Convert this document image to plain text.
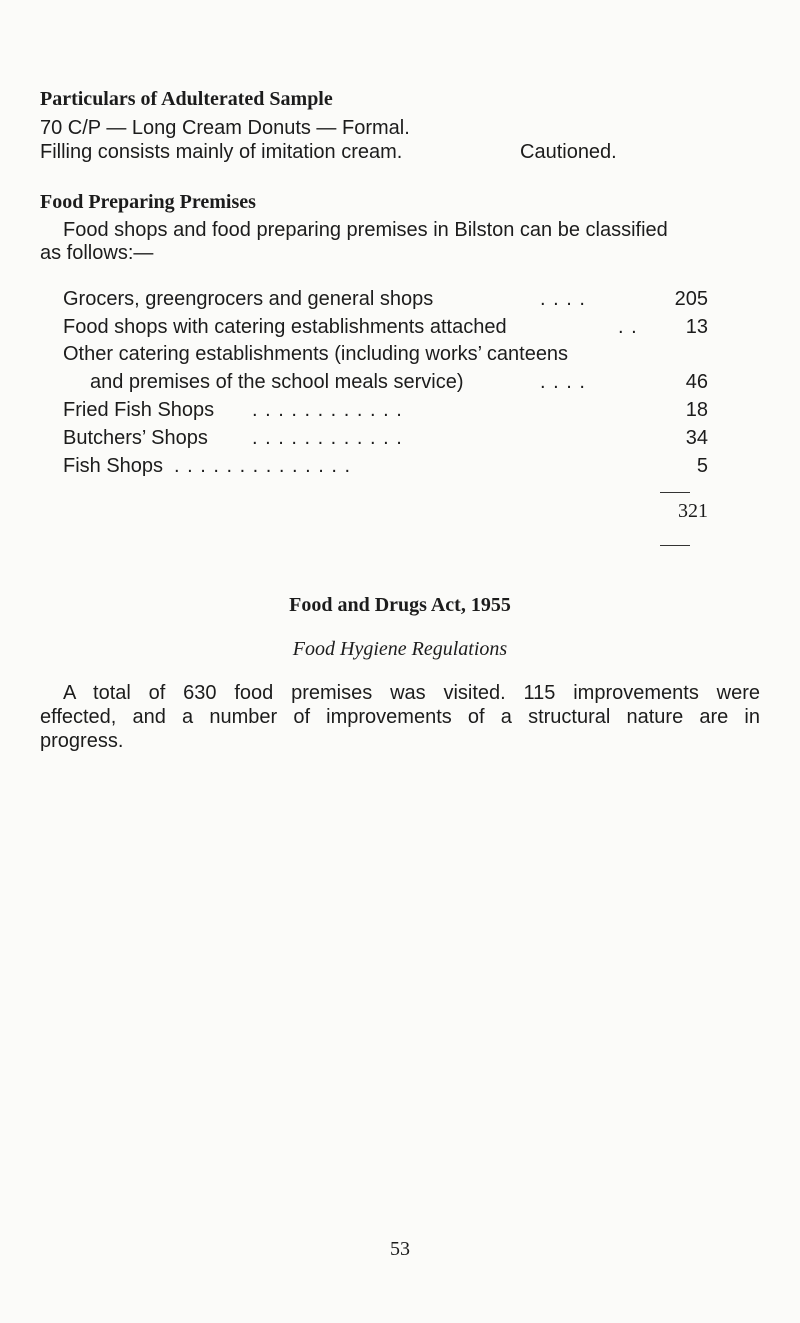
Particulars of Adulterated Sample
70 C/P — Long Cream Donuts — Formal.
Filling consists mainly of imitation cream.	Cautioned.
Food Preparing Premises
Food shops and food preparing premises in Bilston can be classified
as follows:—
Grocers, greengrocers and general shops	. . . .	205
Food shops with catering establishments attached	. . 13
Other catering establishments (including works’ canteens
and premises of the school meals service)	. . . .	46
Fried Fish Shops . . . . . . . . . . . .	18
Butchers’ Shops . . . . . . . . . . . .	34
Fish Shops . . . . . . . . . . . . . .	5
321
Food and Drugs Act, 1955
Food Hygiene Regulations
A total of 630 food premises was visited. 115 improvements were
effected, and a number of improvements of a structural nature are in
progress.
53
